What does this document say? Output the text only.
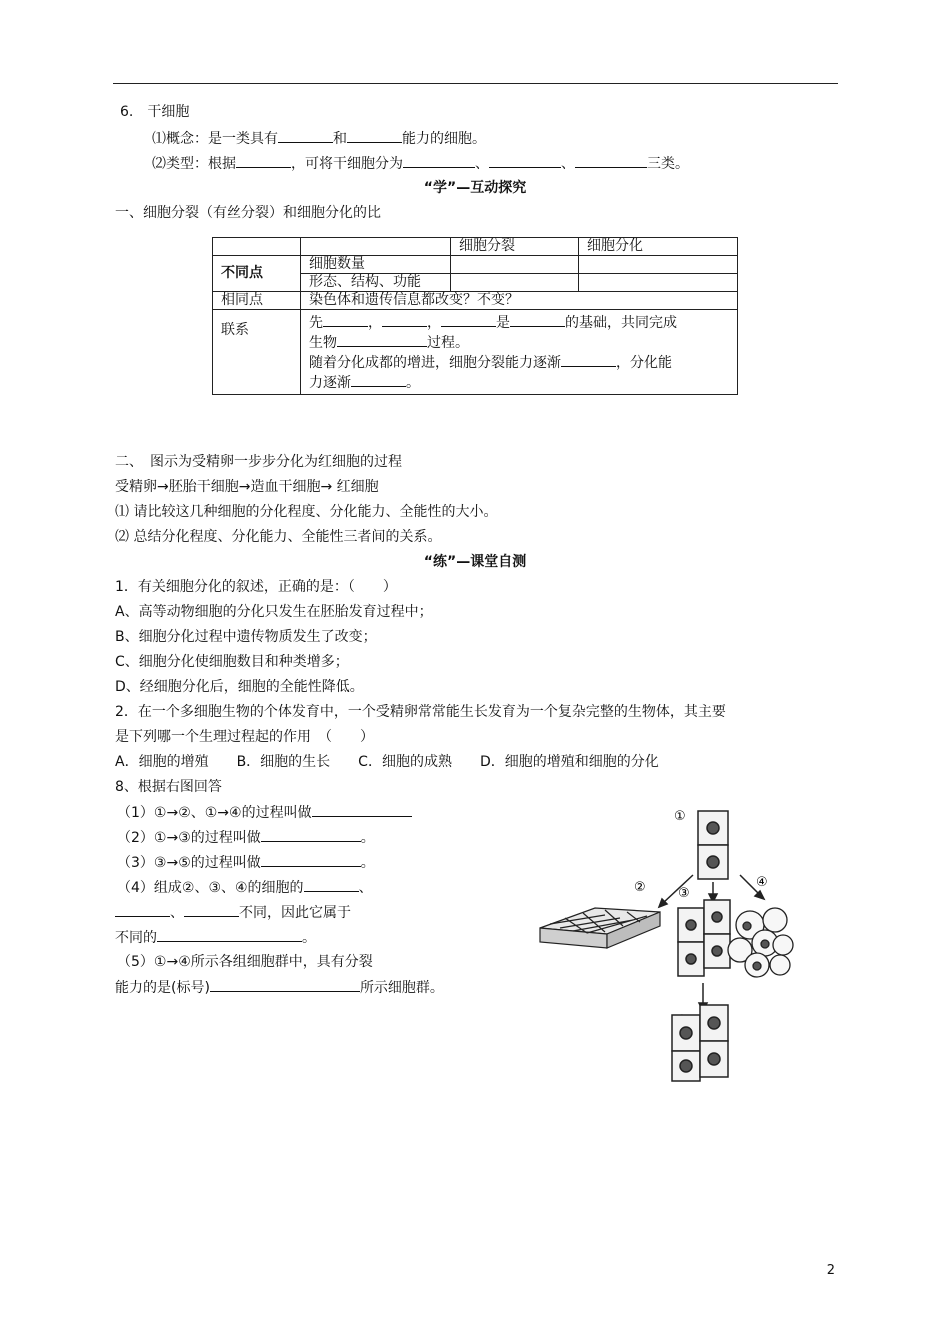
6.　干细胞
⑴概念：是一类具有	和	能力的细胞。
⑵类型：根据	，可将干细胞分为	、	、	三类。
“学”—互动探究
一、细胞分裂（有丝分裂）和细胞分化的比
		细胞分裂	细胞分化
不同点	细胞数量		
	形态、结构、功能		
相同点	染色体和遗传信息都改变？不变？		
联系	先 ， ， 是 的基础，共同完成
生物 过程。
随着分化成都的增进，细胞分裂能力逐渐 ，分化能
力逐渐 。		
二、　图示为受精卵一步步分化为红细胞的过程
受精卵→胚胎干细胞→造血干细胞→ 红细胞
⑴ 请比较这几种细胞的分化程度、分化能力、全能性的大小。
⑵ 总结分化程度、分化能力、全能性三者间的关系。
“练”—课堂自测
1．有关细胞分化的叙述，正确的是：（　　）
A、高等动物细胞的分化只发生在胚胎发育过程中；
B、细胞分化过程中遗传物质发生了改变；
C、细胞分化使细胞数目和种类增多；
D、经细胞分化后，细胞的全能性降低。
2．在一个多细胞生物的个体发育中，一个受精卵常常能生长发育为一个复杂完整的生物体，其主要
是下列哪一个生理过程起的作用　（　　）
A．细胞的增殖　　B．细胞的生长　　C．细胞的成熟　　D．细胞的增殖和细胞的分化
8、根据右图回答
（1）①→②、①→④的过程叫做
（2）①→③的过程叫做	。
（3）③→⑤的过程叫做	。
（4）组成②、③、④的细胞的	、
、	不同，因此它属于
不同的	。
（5）①→④所示各组细胞群中，具有分裂
能力的是(标号)	所示细胞群。
①
② ③
④
2
